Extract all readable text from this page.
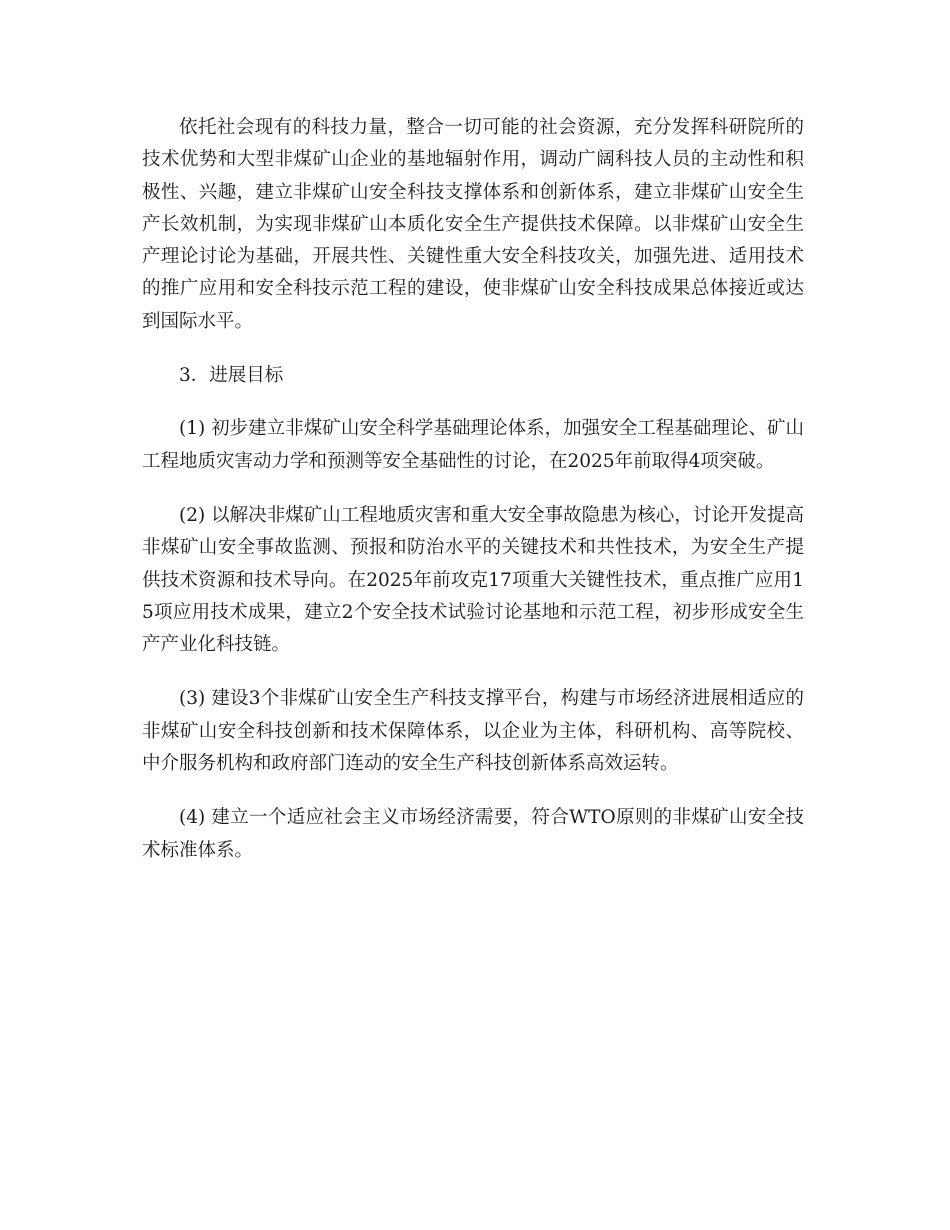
依托社会现有的科技力量，整合一切可能的社会资源，充分发挥科研院所的技术优势和大型非煤矿山企业的基地辐射作用，调动广阔科技人员的主动性和积极性、兴趣，建立非煤矿山安全科技支撑体系和创新体系，建立非煤矿山安全生产长效机制，为实现非煤矿山本质化安全生产提供技术保障。以非煤矿山安全生产理论讨论为基础，开展共性、关键性重大安全科技攻关，加强先进、适用技术的推广应用和安全科技示范工程的建设，使非煤矿山安全科技成果总体接近或达到国际水平。

3．进展目标

(1) 初步建立非煤矿山安全科学基础理论体系，加强安全工程基础理论、矿山工程地质灾害动力学和预测等安全基础性的讨论，在2025年前取得4项突破。

(2) 以解决非煤矿山工程地质灾害和重大安全事故隐患为核心，讨论开发提高非煤矿山安全事故监测、预报和防治水平的关键技术和共性技术，为安全生产提供技术资源和技术导向。在2025年前攻克17项重大关键性技术，重点推广应用15项应用技术成果，建立2个安全技术试验讨论基地和示范工程，初步形成安全生产产业化科技链。

(3) 建设3个非煤矿山安全生产科技支撑平台，构建与市场经济进展相适应的非煤矿山安全科技创新和技术保障体系，以企业为主体，科研机构、高等院校、中介服务机构和政府部门连动的安全生产科技创新体系高效运转。

(4) 建立一个适应社会主义市场经济需要，符合WTO原则的非煤矿山安全技术标准体系。
